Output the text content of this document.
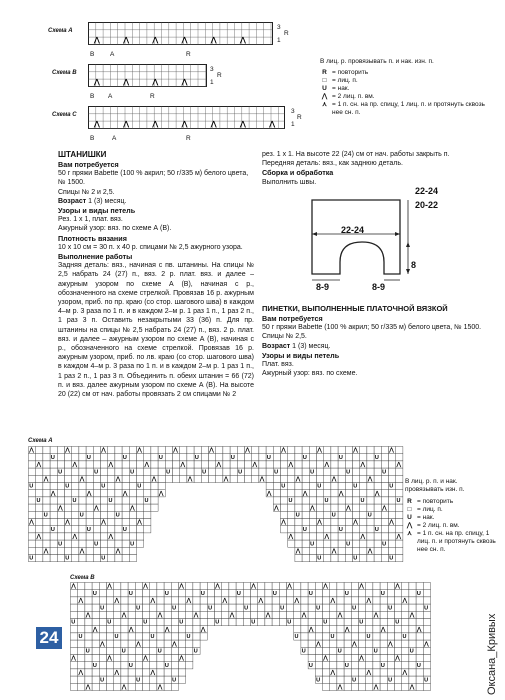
Схема А
⋀	⋀	⋀	⋀	⋀	⋀
3
R
1
В А	R
Схема В
⋀	⋀	⋀	⋀
3
R
1
В А	R
Схема С
⋀	⋀	⋀	⋀	⋀	⋀	⋀
3
R
1
В	А	R
В лиц. р. провязывать п. и нак. изн. п.
R = повторить
□ = лиц. п.
U = нак.
⋀ = 2 лиц. п. вм.
⋏ = 1 п. сн. на пр. спицу, 1 лиц. п. и протянуть сквозь нее сн. п.
ШТАНИШКИ
Вам потребуется
50 г пряжи Babette (100 % акрил; 50 г/335 м) белого цвета, № 1500.
Спицы № 2 и 2,5.
Возраст 1 (3) месяц.
Узоры и виды петель
Рез. 1 х 1, плат. вяз.
Ажурный узор: вяз. по схеме А (В).
Плотность вязания
10 х 10 см = 30 п. х 40 р. спицами № 2,5 ажурного узора.
Выполнение работы
Задняя деталь: вяз., начиная с пв. штанины. На спицы № 2,5 набрать 24 (27) п., вяз. 2 р. плат. вяз. и далее – ажурным узором по схеме А (В), начиная с р., обозначенного на схеме стрелкой. Провязав 16 р. ажурным узором, приб. по пр. краю (со стор. шагового шва) в каждом 4–м р. 3 раза по 1 п. и в каждом 2–м р. 1 раз 1 п., 1 раз 2 п., 1 раз 3 п. Оставить незакрытыми 33 (36) п. Для пр. штанины на спицы № 2,5 набрать 24 (27) п., вяз. 2 р. плат. вяз. и далее – ажурным узором по схеме А (В), начиная с р., обозначенного на схеме стрелкой. Провязав 16 р. ажурным узором, приб. по лв. краю (со стор. шагового шва) в каждом 4–м р. 3 раза по 1 п. и в каждом 2–м р. 1 раз 1 п., 1 раз 2 п., 1 раз 3 п. Объединить п. обеих штанин = 66 (72) п. и вяз. далее ажурным узором по схеме А (В). На высоте 20 (22) см от нач. работы провязать 2 см спицами № 2
рез. 1 х 1. На высоте 22 (24) см от нач. работы закрыть п.
Передняя деталь: вяз., как заднюю деталь.
Сборка и обработка
Выполнить швы.
22-24
20-22
22-24
8
8-9	8-9
ПИНЕТКИ, ВЫПОЛНЕННЫЕ ПЛАТОЧНОЙ ВЯЗКОЙ
Вам потребуется
50 г пряжи Babette (100 % акрил; 50 г/335 м) белого цвета, № 1500.
Спицы № 2,5.
Возраст 1 (3) месяц.
Узоры и виды петель
Плат. вяз.
Ажурный узор: вяз. по схеме.
Схема А
⋀	⋀	⋀	⋀	⋀	⋀	⋀	⋀	⋀	⋀	⋀
U	U	U	U	U	U	U	U	U	U
⋀	⋀	⋀	⋀	⋀	⋀	⋀	⋀	⋀	⋀	⋀
U	U	U	U	U	U	U	U	U	U
⋀	⋀	⋀	⋀	⋀	⋀	⋀	⋀	⋀	⋀
U	U	U	U	U	U	U	U
⋀	⋀	⋀	⋀	⋀	⋀	⋀	⋀
U	U	U	U	U	U	U	U
⋀	⋀	⋀	⋀	⋀	⋀	⋀
U	U	U	U	U	U
⋀	⋀	⋀	⋀	⋀	⋀	⋀	⋀
U	U	U	U	U	U
⋀	⋀	⋀	⋀	⋀	⋀	⋀
U	U	U	U	U	U
⋀	⋀	⋀	⋀	⋀	⋀
U	U	U	U	U	U
В лиц. р. п. и нак. провязывать изн. п.
R = повторить
□ = лиц. п.
U = нак.
⋀ = 2 лиц. п. вм.
⋏ = 1 п. сн. на пр. спицу, 1 лиц. п. и протянуть сквозь нее сн. п.
Схема В
⋀	⋀	⋀	⋀	⋀	⋀	⋀	⋀	⋀	⋀
U	U	U	U	U	U	U	U	U	U
⋀	⋀	⋀	⋀	⋀	⋀	⋀	⋀	⋀	⋀
U	U	U	U	U	U	U	U	U	U
⋀	⋀	⋀	⋀	⋀	⋀	⋀	⋀	⋀	⋀
U	U	U	U	U	U	U	U	U	U
⋀	⋀	⋀	⋀	⋀	⋀	⋀	⋀
U	U	U	U	U	U	U	U
⋀	⋀	⋀	⋀	⋀	⋀	⋀
U	U	U	U	U	U	U	U
⋀	⋀	⋀	⋀	⋀	⋀	⋀
U	U	U	U	U	U	U
⋀	⋀	⋀	⋀	⋀	⋀
U	U	U	U	U	U	U
⋀	⋀	⋀	⋀	⋀	⋀
24	Оксана_Кривых
